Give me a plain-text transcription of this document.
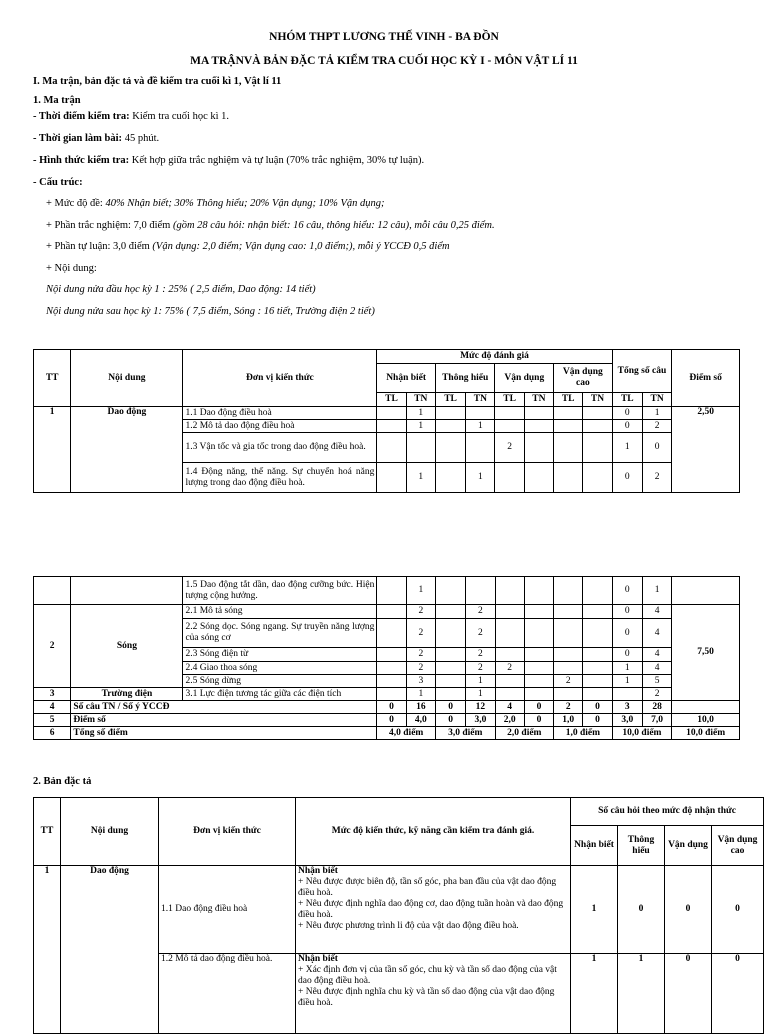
NHÓM THPT LƯƠNG THẾ VINH - BA ĐỒN
MA TRẬNVÀ BẢN ĐẶC TẢ KIỂM TRA CUỐI HỌC KỲ I - MÔN VẬT LÍ 11
I. Ma trận, bản đặc tả và đề kiểm tra cuối kì 1, Vật lí 11
1. Ma trận
- Thời điểm kiểm tra: Kiểm tra cuối học kì 1.
- Thời gian làm bài: 45 phút.
- Hình thức kiểm tra: Kết hợp giữa trắc nghiệm và tự luận (70% trắc nghiệm, 30% tự luận).
- Cấu trúc:
+ Mức độ đề: 40% Nhận biết; 30% Thông hiểu; 20% Vận dụng; 10% Vận dụng;
+ Phần trắc nghiệm: 7,0 điểm (gồm 28 câu hỏi: nhận biết: 16 câu, thông hiểu: 12 câu), mỗi câu 0,25 điểm.
+ Phần tự luận: 3,0 điểm (Vận dụng: 2,0 điểm; Vận dụng cao: 1,0 điểm;), mỗi ý YCCĐ 0,5 điểm
+ Nội dung:
Nội dung nửa đầu học kỳ 1 : 25% ( 2,5 điểm, Dao động: 14 tiết)
Nội dung nửa sau học kỳ 1: 75% ( 7,5 điểm, Sóng : 16 tiết, Trường điện 2 tiết)
TT	Nội dung	Đơn vị kiến thức	Mức độ đánh giá								Tổng số câu		Điểm số
			Nhận biết		Thông hiểu		Vận dụng		Vận dụng cao				
			TL	TN	TL	TN	TL	TN	TL	TN	TL	TN	
1	Dao động	1.1 Dao động điều hoà		1							0	1	2,50
		1.2 Mô tả dao động điều hoà		1		1					0	2	
		1.3 Vận tốc và gia tốc trong dao động điều hoà.					2				1	0	
		1.4 Động năng, thế năng. Sự chuyển hoá năng lượng trong dao động điều hoà.		1		1					0	2	
		1.5 Dao động tắt dần, dao động cưỡng bức. Hiện tượng cộng hưởng.		1							0	1	
2	Sóng	2.1 Mô tả sóng		2		2					0	4	7,50
		2.2 Sóng dọc. Sóng ngang. Sự truyền năng lượng của sóng cơ		2		2					0	4	
		2.3 Sóng điện từ		2		2					0	4	
		2.4 Giao thoa sóng		2		2	2				1	4	
		2.5 Sóng dừng		3		1			2		1	5	
3	Trường điện	3.1 Lực điện tương tác giữa các điện tích		1		1						2	
4	Số câu TN / Số ý YCCĐ		0	16	0	12	4	0	2	0	3	28	
5	Điểm số		0	4,0	0	3,0	2,0	0	1,0	0	3,0	7,0	10,0
6	Tổng số điểm		4,0 điểm		3,0 điểm		2,0 điểm		1,0 điểm		10,0 điểm		10,0 điểm
2. Bản đặc tả
TT	Nội dung	Đơn vị kiến thức	Mức độ kiến thức, kỹ năng cần kiểm tra đánh giá.	Số câu hỏi theo mức độ nhận thức			
				Nhận biết	Thông hiểu	Vận dụng	Vận dụng cao
1	Dao động	1.1 Dao động điều hoà	Nhận biết
+ Nêu được được biên độ, tần số góc, pha ban đầu của vật dao động điều hoà.
+ Nêu được định nghĩa dao động cơ, dao động tuần hoàn và dao động điều hoà.
+ Nêu được phương trình li độ của vật dao động điều hoà.	1	0	0	0
		1.2 Mô tả dao động điều hoà.	Nhận biết
+ Xác định đơn vị của tần số góc, chu kỳ và tần số dao động của vật dao động điều hoà.
+ Nêu được định nghĩa chu kỳ và tần số dao động của vật dao động điều hoà.	1	1	0	0
